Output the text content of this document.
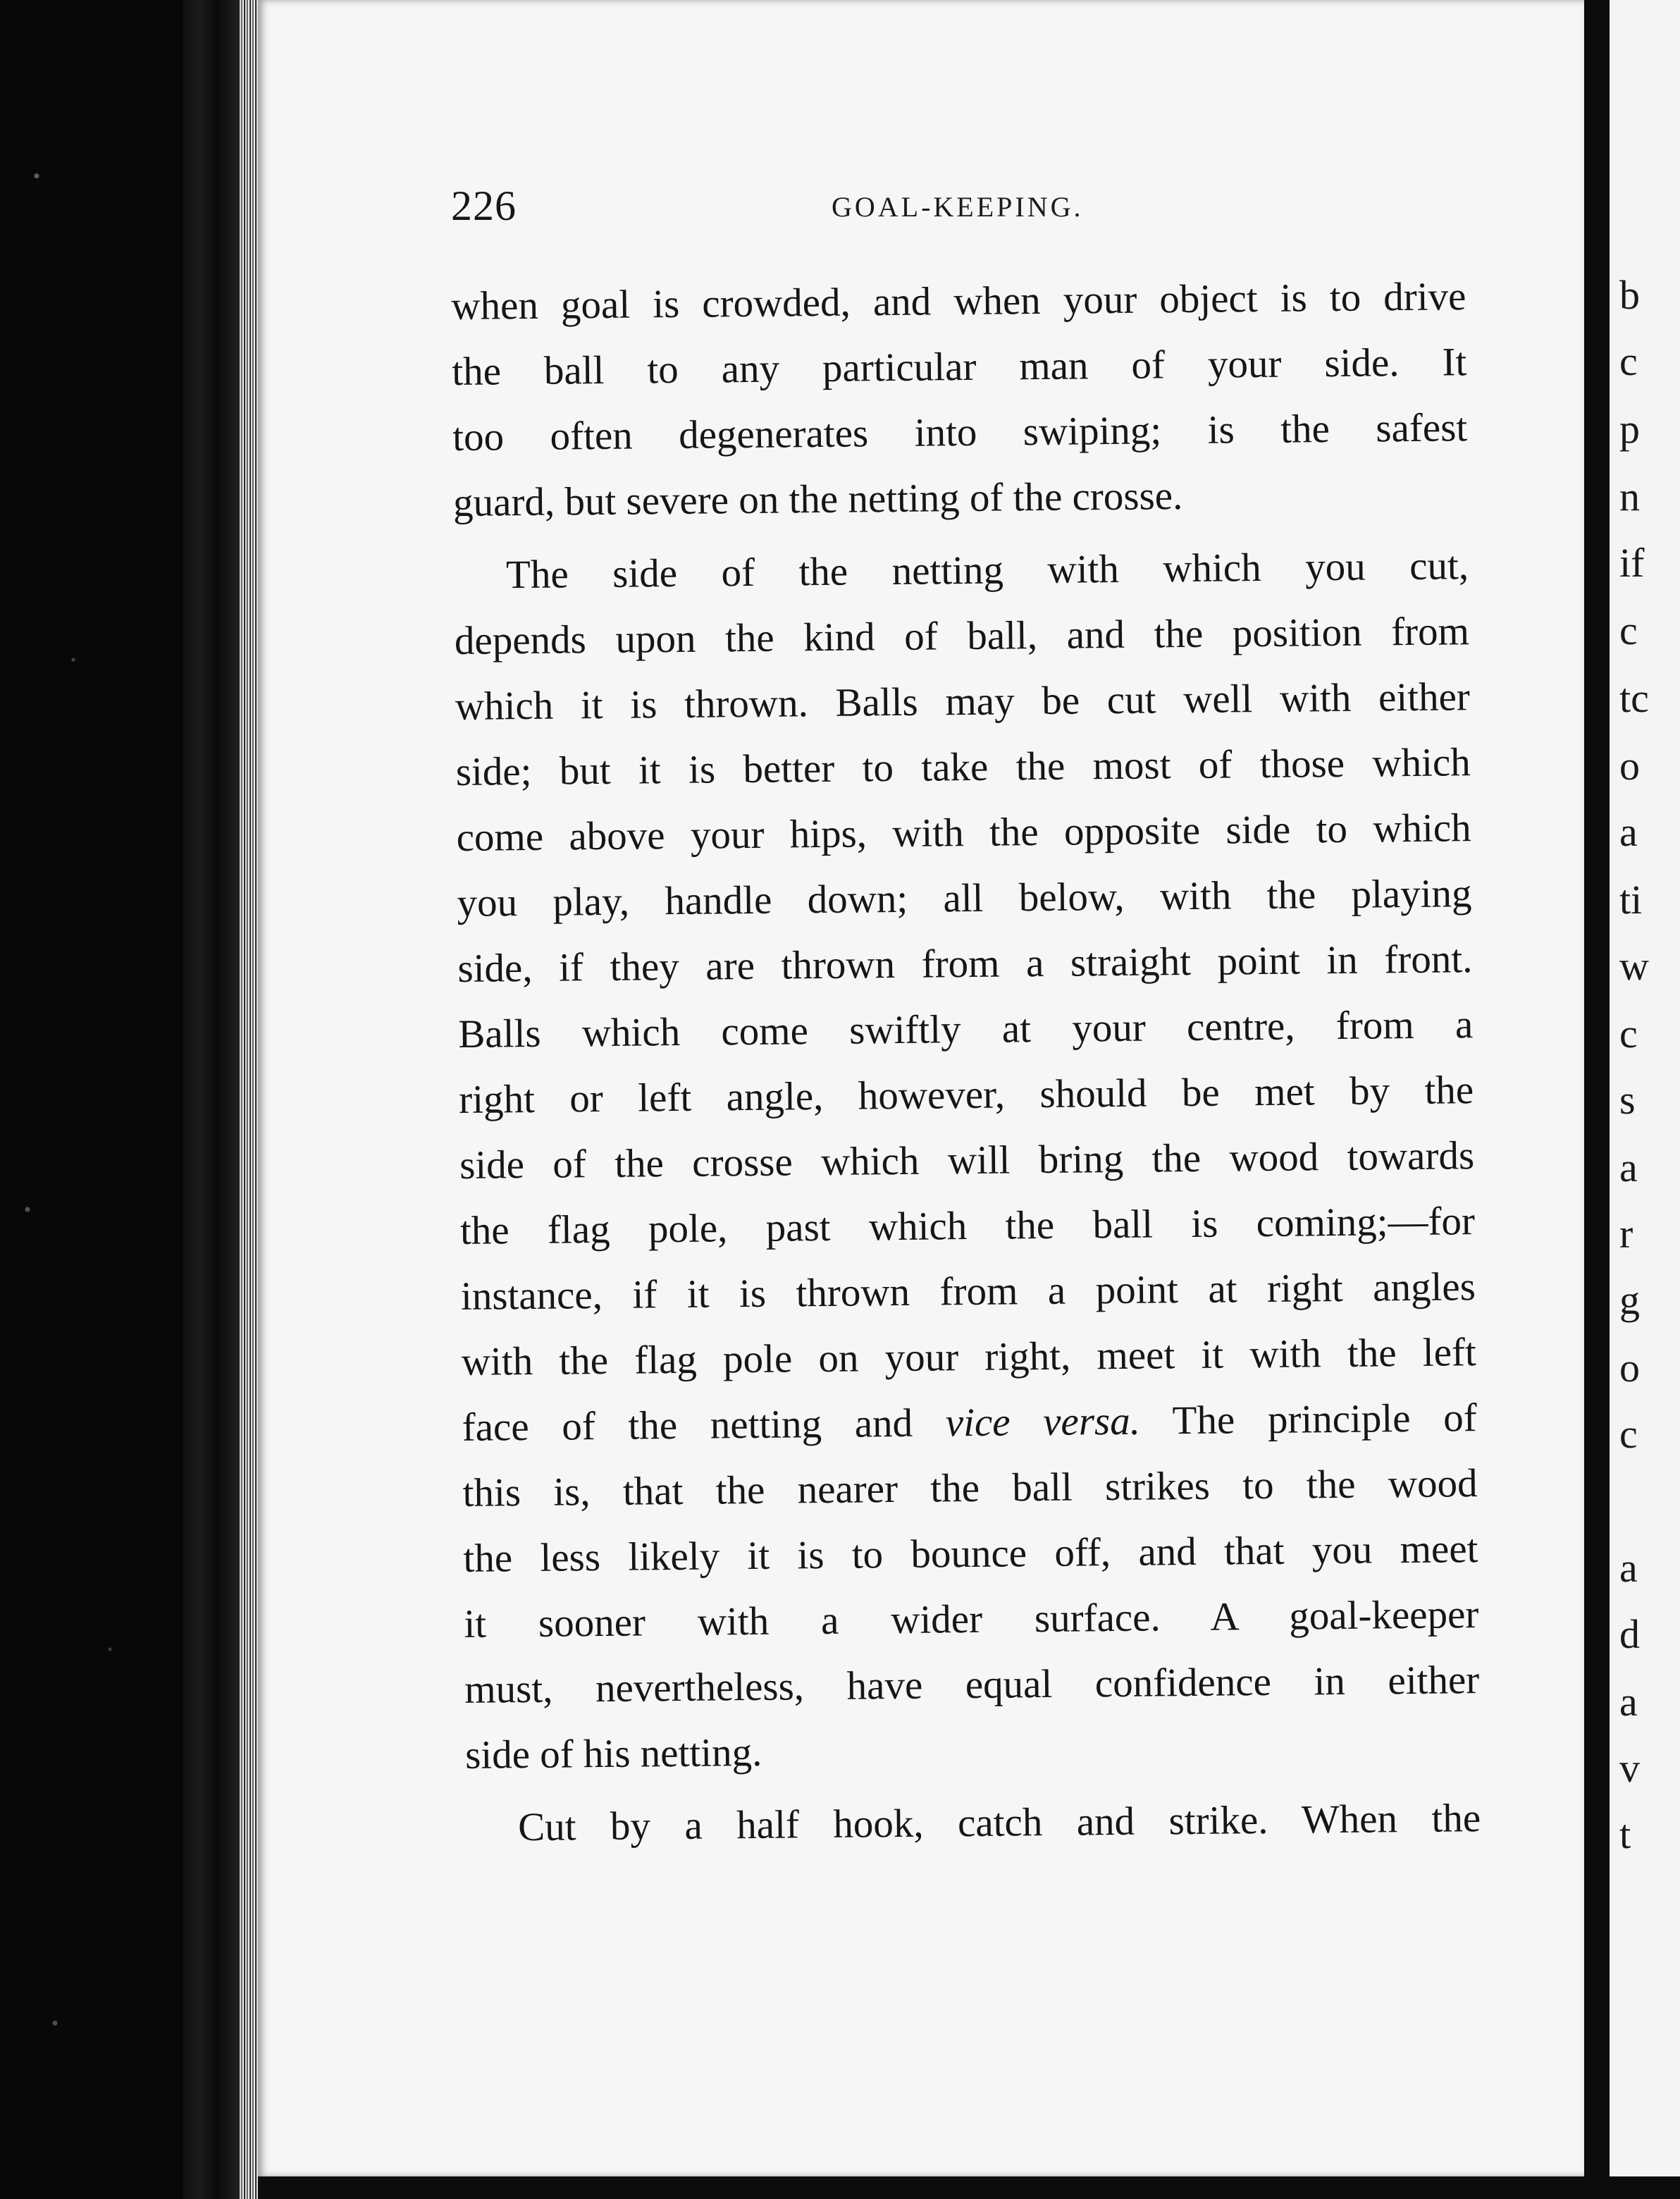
226	GOAL-KEEPING.
when goal is crowded, and when your object is to drive
the ball to any particular man of your side. It
too often degenerates into swiping; is the safest
guard, but severe on the netting of the crosse.
The side of the netting with which you cut,
depends upon the kind of ball, and the position from
which it is thrown. Balls may be cut well with either
side; but it is better to take the most of those which
come above your hips, with the opposite side to which
you play, handle down; all below, with the playing
side, if they are thrown from a straight point in front.
Balls which come swiftly at your centre, from a
right or left angle, however, should be met by the
side of the crosse which will bring the wood towards
the flag pole, past which the ball is coming;—for
instance, if it is thrown from a point at right angles
with the flag pole on your right, meet it with the left
face of the netting and vice versa. The principle of
this is, that the nearer the ball strikes to the wood
the less likely it is to bounce off, and that you meet
it sooner with a wider surface. A goal-keeper
must, nevertheless, have equal confidence in either
side of his netting.
Cut by a half hook, catch and strike. When the
b
c
p
n
if
c
tc
o
a
ti
w
c
s
a
r
g
o
c
a
d
a
v
t
